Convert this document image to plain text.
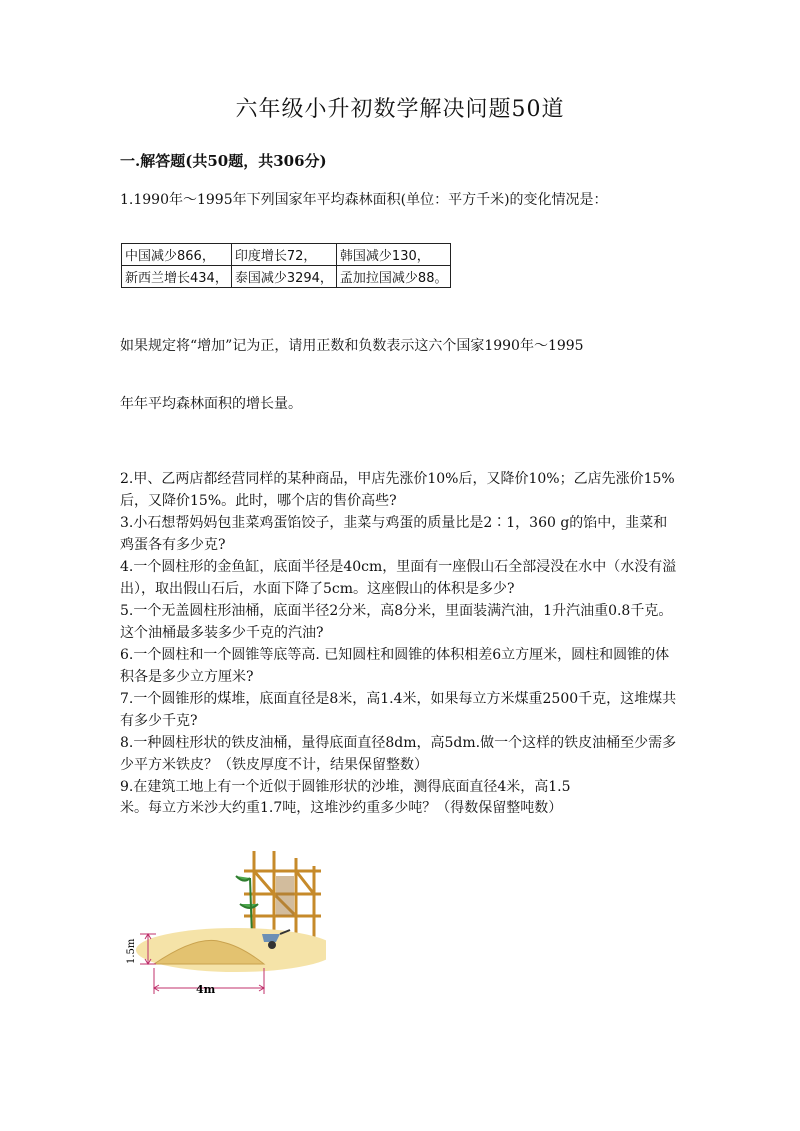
六年级小升初数学解决问题50道
一.解答题(共50题，共306分)
1.1990年～1995年下列国家年平均森林面积(单位：平方千米)的变化情况是：
中国减少866，	印度增长72，	韩国减少130，
新西兰增长434，	泰国减少3294，	孟加拉国减少88。
如果规定将“增加”记为正，请用正数和负数表示这六个国家1990年～1995
年年平均森林面积的增长量。

2.甲、乙两店都经营同样的某种商品，甲店先涨价10%后，又降价10%；乙店先涨价15%后，又降价15%。此时，哪个店的售价高些?

3.小石想帮妈妈包韭菜鸡蛋馅饺子，韭菜与鸡蛋的质量比是2∶1，360 g的馅中，韭菜和鸡蛋各有多少克?

4.一个圆柱形的金鱼缸，底面半径是40cm，里面有一座假山石全部浸没在水中（水没有溢出），取出假山石后，水面下降了5cm。这座假山的体积是多少?

5.一个无盖圆柱形油桶，底面半径2分米，高8分米，里面装满汽油，1升汽油重0.8千克。这个油桶最多装多少千克的汽油?

6.一个圆柱和一个圆锥等底等高. 已知圆柱和圆锥的体积相差6立方厘米，圆柱和圆锥的体积各是多少立方厘米?

7.一个圆锥形的煤堆，底面直径是8米，高1.4米，如果每立方米煤重2500千克，这堆煤共有多少千克?

8.一种圆柱形状的铁皮油桶，量得底面直径8dm，高5dm.做一个这样的铁皮油桶至少需多少平方米铁皮？（铁皮厚度不计，结果保留整数）

9.在建筑工地上有一个近似于圆锥形状的沙堆，测得底面直径4米，高1.5

米。每立方米沙大约重1.7吨，这堆沙约重多少吨？（得数保留整吨数）
1.5m
4m
